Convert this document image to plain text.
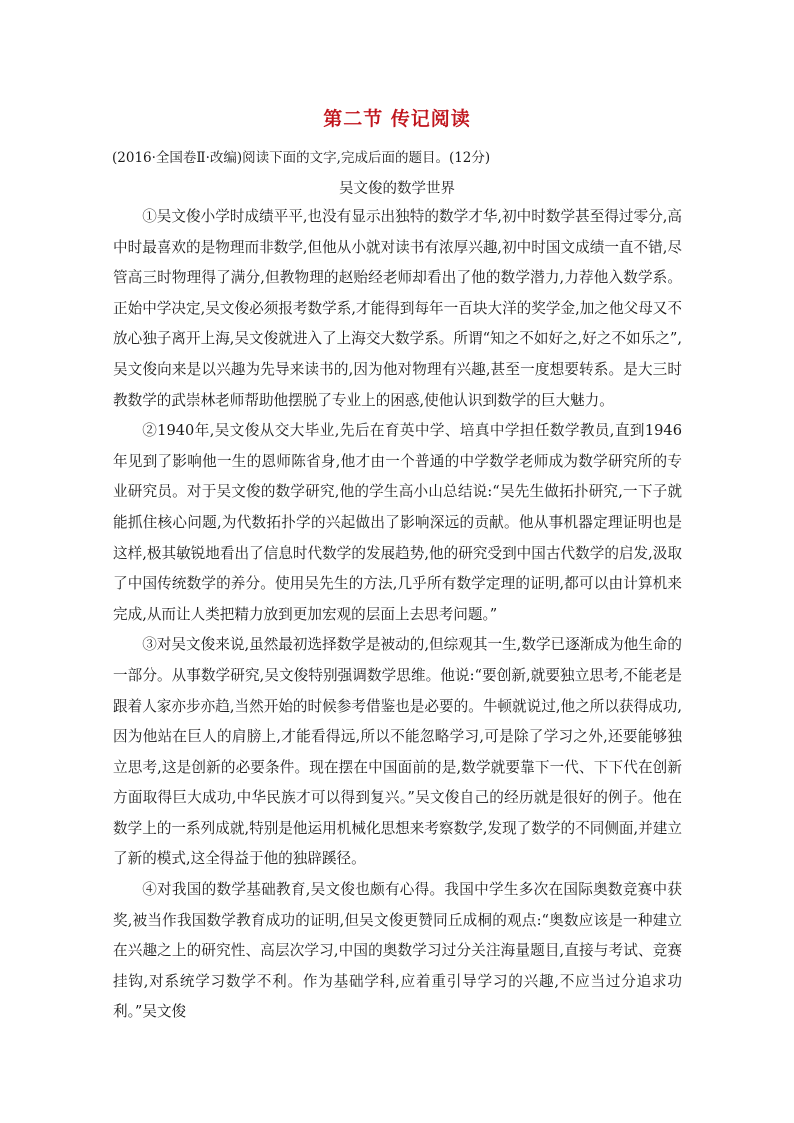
第二节 传记阅读
(2016·全国卷Ⅱ·改编)阅读下面的文字,完成后面的题目。(12分)
吴文俊的数学世界

①吴文俊小学时成绩平平,也没有显示出独特的数学才华,初中时数学甚至得过零分,高中时最喜欢的是物理而非数学,但他从小就对读书有浓厚兴趣,初中时国文成绩一直不错,尽管高三时物理得了满分,但教物理的赵贻经老师却看出了他的数学潜力,力荐他入数学系。正始中学决定,吴文俊必须报考数学系,才能得到每年一百块大洋的奖学金,加之他父母又不放心独子离开上海,吴文俊就进入了上海交大数学系。所谓“知之不如好之,好之不如乐之”,吴文俊向来是以兴趣为先导来读书的,因为他对物理有兴趣,甚至一度想要转系。是大三时教数学的武崇林老师帮助他摆脱了专业上的困惑,使他认识到数学的巨大魅力。

②1940年,吴文俊从交大毕业,先后在育英中学、培真中学担任数学教员,直到1946年见到了影响他一生的恩师陈省身,他才由一个普通的中学数学老师成为数学研究所的专业研究员。对于吴文俊的数学研究,他的学生高小山总结说:“吴先生做拓扑研究,一下子就能抓住核心问题,为代数拓扑学的兴起做出了影响深远的贡献。他从事机器定理证明也是这样,极其敏锐地看出了信息时代数学的发展趋势,他的研究受到中国古代数学的启发,汲取了中国传统数学的养分。使用吴先生的方法,几乎所有数学定理的证明,都可以由计算机来完成,从而让人类把精力放到更加宏观的层面上去思考问题。”

③对吴文俊来说,虽然最初选择数学是被动的,但综观其一生,数学已逐渐成为他生命的一部分。从事数学研究,吴文俊特别强调数学思维。他说:“要创新,就要独立思考,不能老是跟着人家亦步亦趋,当然开始的时候参考借鉴也是必要的。牛顿就说过,他之所以获得成功,因为他站在巨人的肩膀上,才能看得远,所以不能忽略学习,可是除了学习之外,还要能够独立思考,这是创新的必要条件。现在摆在中国面前的是,数学就要靠下一代、下下代在创新方面取得巨大成功,中华民族才可以得到复兴。”吴文俊自己的经历就是很好的例子。他在数学上的一系列成就,特别是他运用机械化思想来考察数学,发现了数学的不同侧面,并建立了新的模式,这全得益于他的独辟蹊径。

④对我国的数学基础教育,吴文俊也颇有心得。我国中学生多次在国际奥数竞赛中获奖,被当作我国数学教育成功的证明,但吴文俊更赞同丘成桐的观点:“奥数应该是一种建立在兴趣之上的研究性、高层次学习,中国的奥数学习过分关注海量题目,直接与考试、竞赛挂钩,对系统学习数学不利。作为基础学科,应着重引导学习的兴趣,不应当过分追求功利。”吴文俊
